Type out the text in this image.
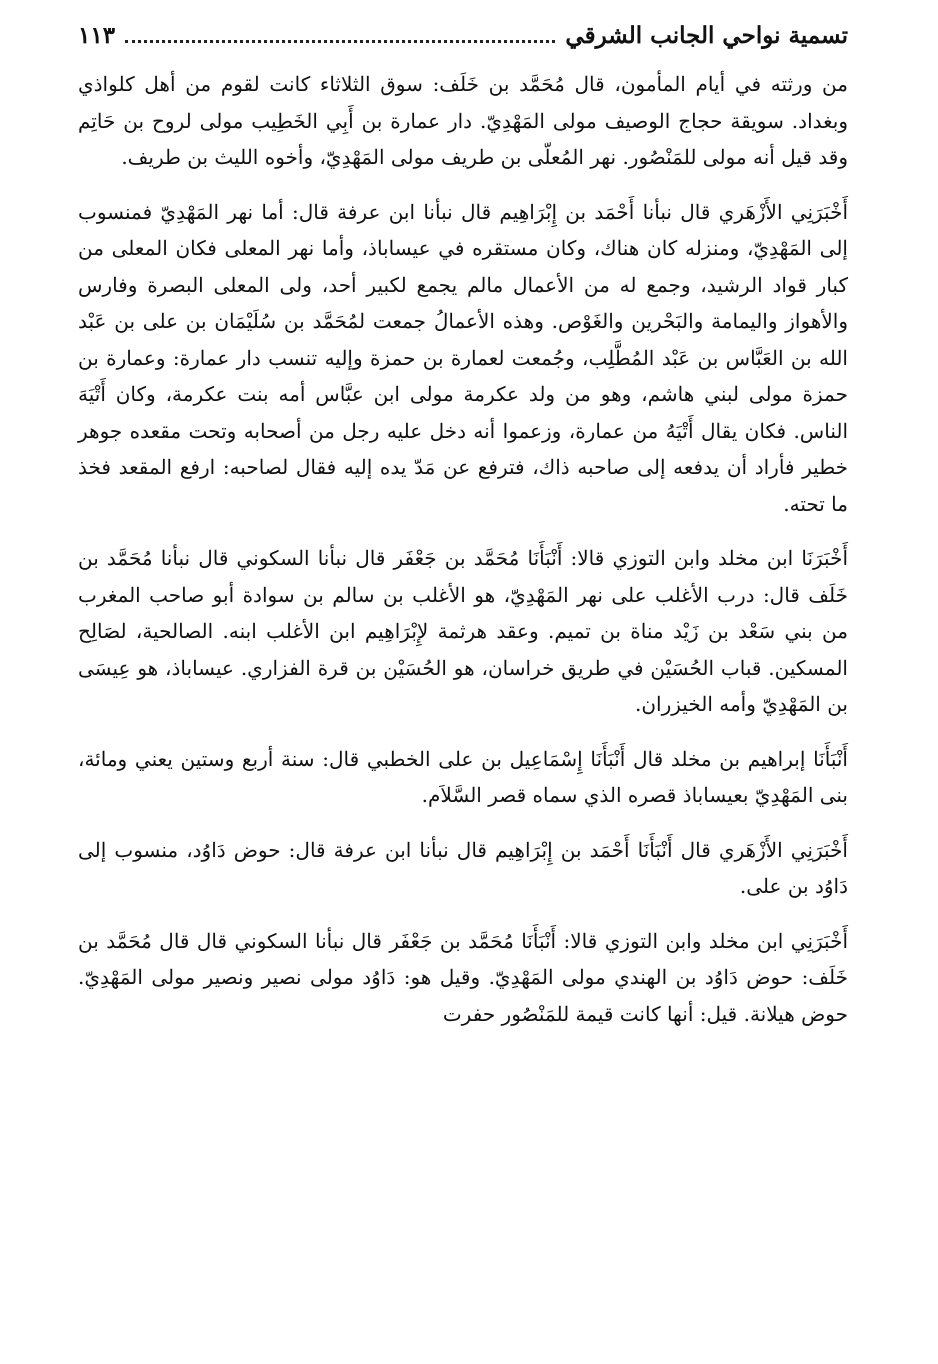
تسمية نواحي الجانب الشرقي
١١٣

من ورثته في أيام المأمون، قال مُحَمَّد بن خَلَف: سوق الثلاثاء كانت لقوم من أهل كلواذي وبغداد. سويقة حجاج الوصيف مولى المَهْدِيّ. دار عمارة بن أَبِي الخَطِيب مولى لروح بن حَاتِم وقد قيل أنه مولى للمَنْصُور. نهر المُعلّى بن طريف مولى المَهْدِيّ، وأخوه الليث بن طريف.

أَخْبَرَنِي الأَزْهَري قال نبأنا أَحْمَد بن إِبْرَاهِيم قال نبأنا ابن عرفة قال: أما نهر المَهْدِيّ فمنسوب إلى المَهْدِيّ، ومنزله كان هناك، وكان مستقره في عيساباذ، وأما نهر المعلى فكان المعلى من كبار قواد الرشيد، وجمع له من الأعمال مالم يجمع لكبير أحد، ولى المعلى البصرة وفارس والأهواز واليمامة والبَحْرين والغَوْص. وهذه الأعمالُ جمعت لمُحَمَّد بن سُلَيْمَان بن على بن عَبْد الله بن العَبَّاس بن عَبْد المُطَّلِب، وجُمعت لعمارة بن حمزة وإليه تنسب دار عمارة: وعمارة بن حمزة مولى لبني هاشم، وهو من ولد عكرمة مولى ابن عبَّاس أمه بنت عكرمة، وكان أَتْيَهَ الناس. فكان يقال أَتْيَهُ من عمارة، وزعموا أنه دخل عليه رجل من أصحابه وتحت مقعده جوهر خطير فأراد أن يدفعه إلى صاحبه ذاك، فترفع عن مَدّ يده إليه فقال لصاحبه: ارفع المقعد فخذ ما تحته.

أَخْبَرَنَا ابن مخلد وابن التوزي قالا: أَنْبَأَنَا مُحَمَّد بن جَعْفَر قال نبأنا السكوني قال نبأنا مُحَمَّد بن خَلَف قال: درب الأغلب على نهر المَهْدِيّ، هو الأغلب بن سالم بن سوادة أبو صاحب المغرب من بني سَعْد بن زَيْد مناة بن تميم. وعقد هرثمة لإِبْرَاهِيم ابن الأغلب ابنه. الصالحية، لصَالِح المسكين. قباب الحُسَيْن في طريق خراسان، هو الحُسَيْن بن قرة الفزاري. عيساباذ، هو عِيسَى بن المَهْدِيّ وأمه الخيزران.

أَنْبَأَنَا إبراهيم بن مخلد قال أَنْبَأَنَا إِسْمَاعِيل بن على الخطبي قال: سنة أربع وستين يعني ومائة، بنى المَهْدِيّ بعيساباذ قصره الذي سماه قصر السَّلاَم.

أَخْبَرَنِي الأَزْهَري قال أَنْبَأَنَا أَحْمَد بن إِبْرَاهِيم قال نبأنا ابن عرفة قال: حوض دَاوُد، منسوب إلى دَاوُد بن على.

أَخْبَرَنِي ابن مخلد وابن التوزي قالا: أَنْبَأَنَا مُحَمَّد بن جَعْفَر قال نبأنا السكوني قال قال مُحَمَّد بن خَلَف: حوض دَاوُد بن الهندي مولى المَهْدِيّ. وقيل هو: دَاوُد مولى نصير ونصير مولى المَهْدِيّ. حوض هيلانة. قيل: أنها كانت قيمة للمَنْصُور حفرت
